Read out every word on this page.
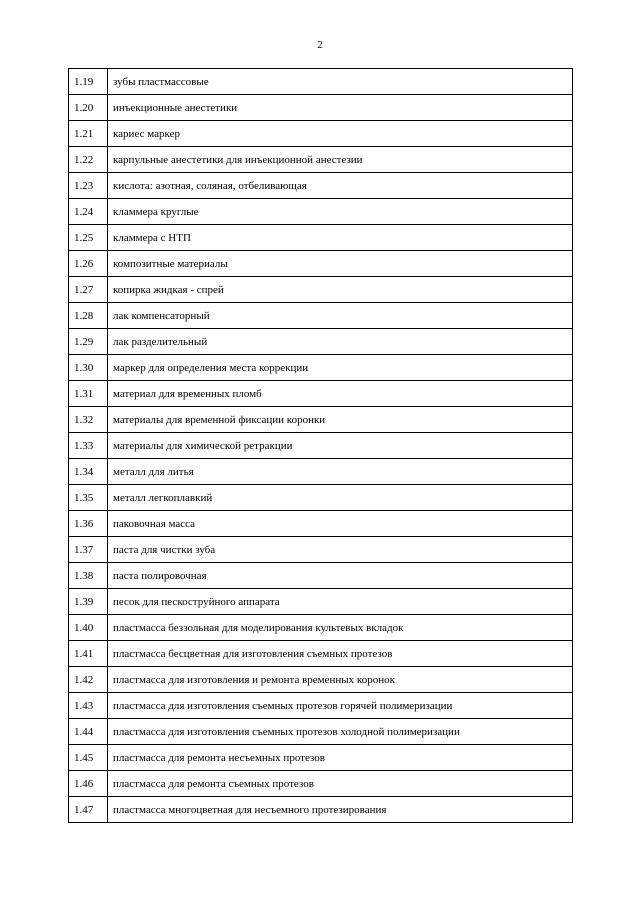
2
1.19	зубы пластмассовые
1.20	инъекционные анестетики
1.21	кариес маркер
1.22	карпульные анестетики для инъекционной анестезии
1.23	кислота: азотная, соляная, отбеливающая
1.24	кламмера круглые
1.25	кламмера с НТП
1.26	композитные материалы
1.27	копирка жидкая - спрей
1.28	лак компенсаторный
1.29	лак разделительный
1.30	маркер для определения места коррекции
1.31	материал для временных пломб
1.32	материалы для временной фиксации коронки
1.33	материалы для химической ретракции
1.34	металл для литья
1.35	металл легкоплавкий
1.36	паковочная масса
1.37	паста для чистки зуба
1.38	паста полировочная
1.39	песок для пескоструйного аппарата
1.40	пластмасса беззольная для моделирования культевых вкладок
1.41	пластмасса бесцветная для изготовления съемных протезов
1.42	пластмасса для изготовления и ремонта временных коронок
1.43	пластмасса для изготовления съемных протезов горячей полимеризации
1.44	пластмасса для изготовления съемных протезов холодной полимеризации
1.45	пластмасса для ремонта несъемных протезов
1.46	пластмасса для ремонта съемных протезов
1.47	пластмасса многоцветная для несъемного протезирования
